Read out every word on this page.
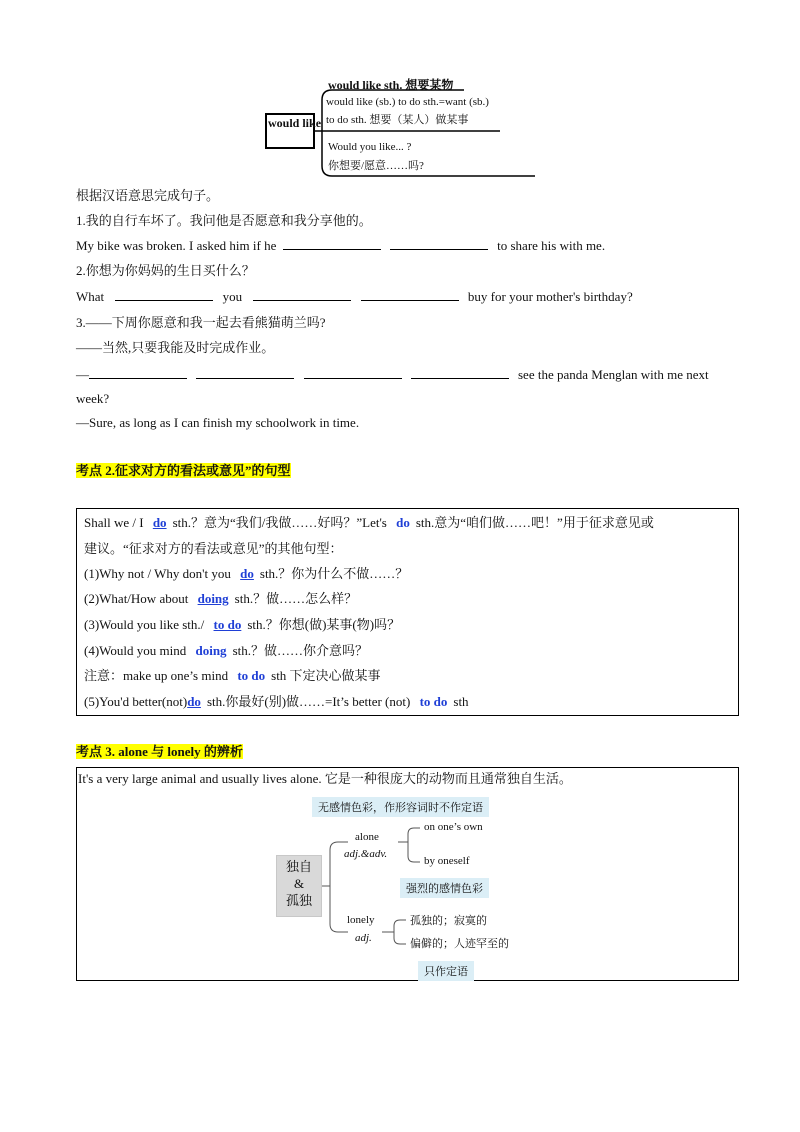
would like
would like sth. 想要某物
would like (sb.) to do sth.=want (sb.)
to do sth. 想要（某人）做某事
Would you like... ?
你想要/愿意……吗?
根据汉语意思完成句子。
1.我的自行车坏了。我问他是否愿意和我分享他的。
My bike was broken. I asked him if he	to share his with me.
2.你想为你妈妈的生日买什么？
What	you	buy for your mother's birthday?
3.——下周你愿意和我一起去看熊猫萌兰吗?
——当然,只要我能及时完成作业。
—	see the panda Menglan with me next
week?
—Sure, as long as I can finish my schoolwork in time.
考点 2.征求对方的看法或意见”的句型
Shall we / I do sth.？意为“我们/我做……好吗？”Let's do sth.意为“咱们做……吧！”用于征求意见或
建议。“征求对方的看法或意见”的其他句型：
(1)Why not / Why don't you do sth.？你为什么不做……？
(2)What/How about doing sth.？做……怎么样？
(3)Would you like sth./ to do sth.？你想(做)某事(物)吗？
(4)Would you mind doing sth.？做……你介意吗？
注意：make up one’s mind to do sth 下定决心做某事
(5)You'd better(not)do sth.你最好(别)做……=It’s better (not) to do sth
考点 3. alone 与 lonely 的辨析
It's a very large animal and usually lives alone. 它是一种很庞大的动物而且通常独自生活。
独自
&
孤独
无感情色彩，作形容词时不作定语
alone
adj.&adv.
on one’s own
by oneself
强烈的感情色彩
lonely
adj.
孤独的；寂寞的
偏僻的；人迹罕至的
只作定语
